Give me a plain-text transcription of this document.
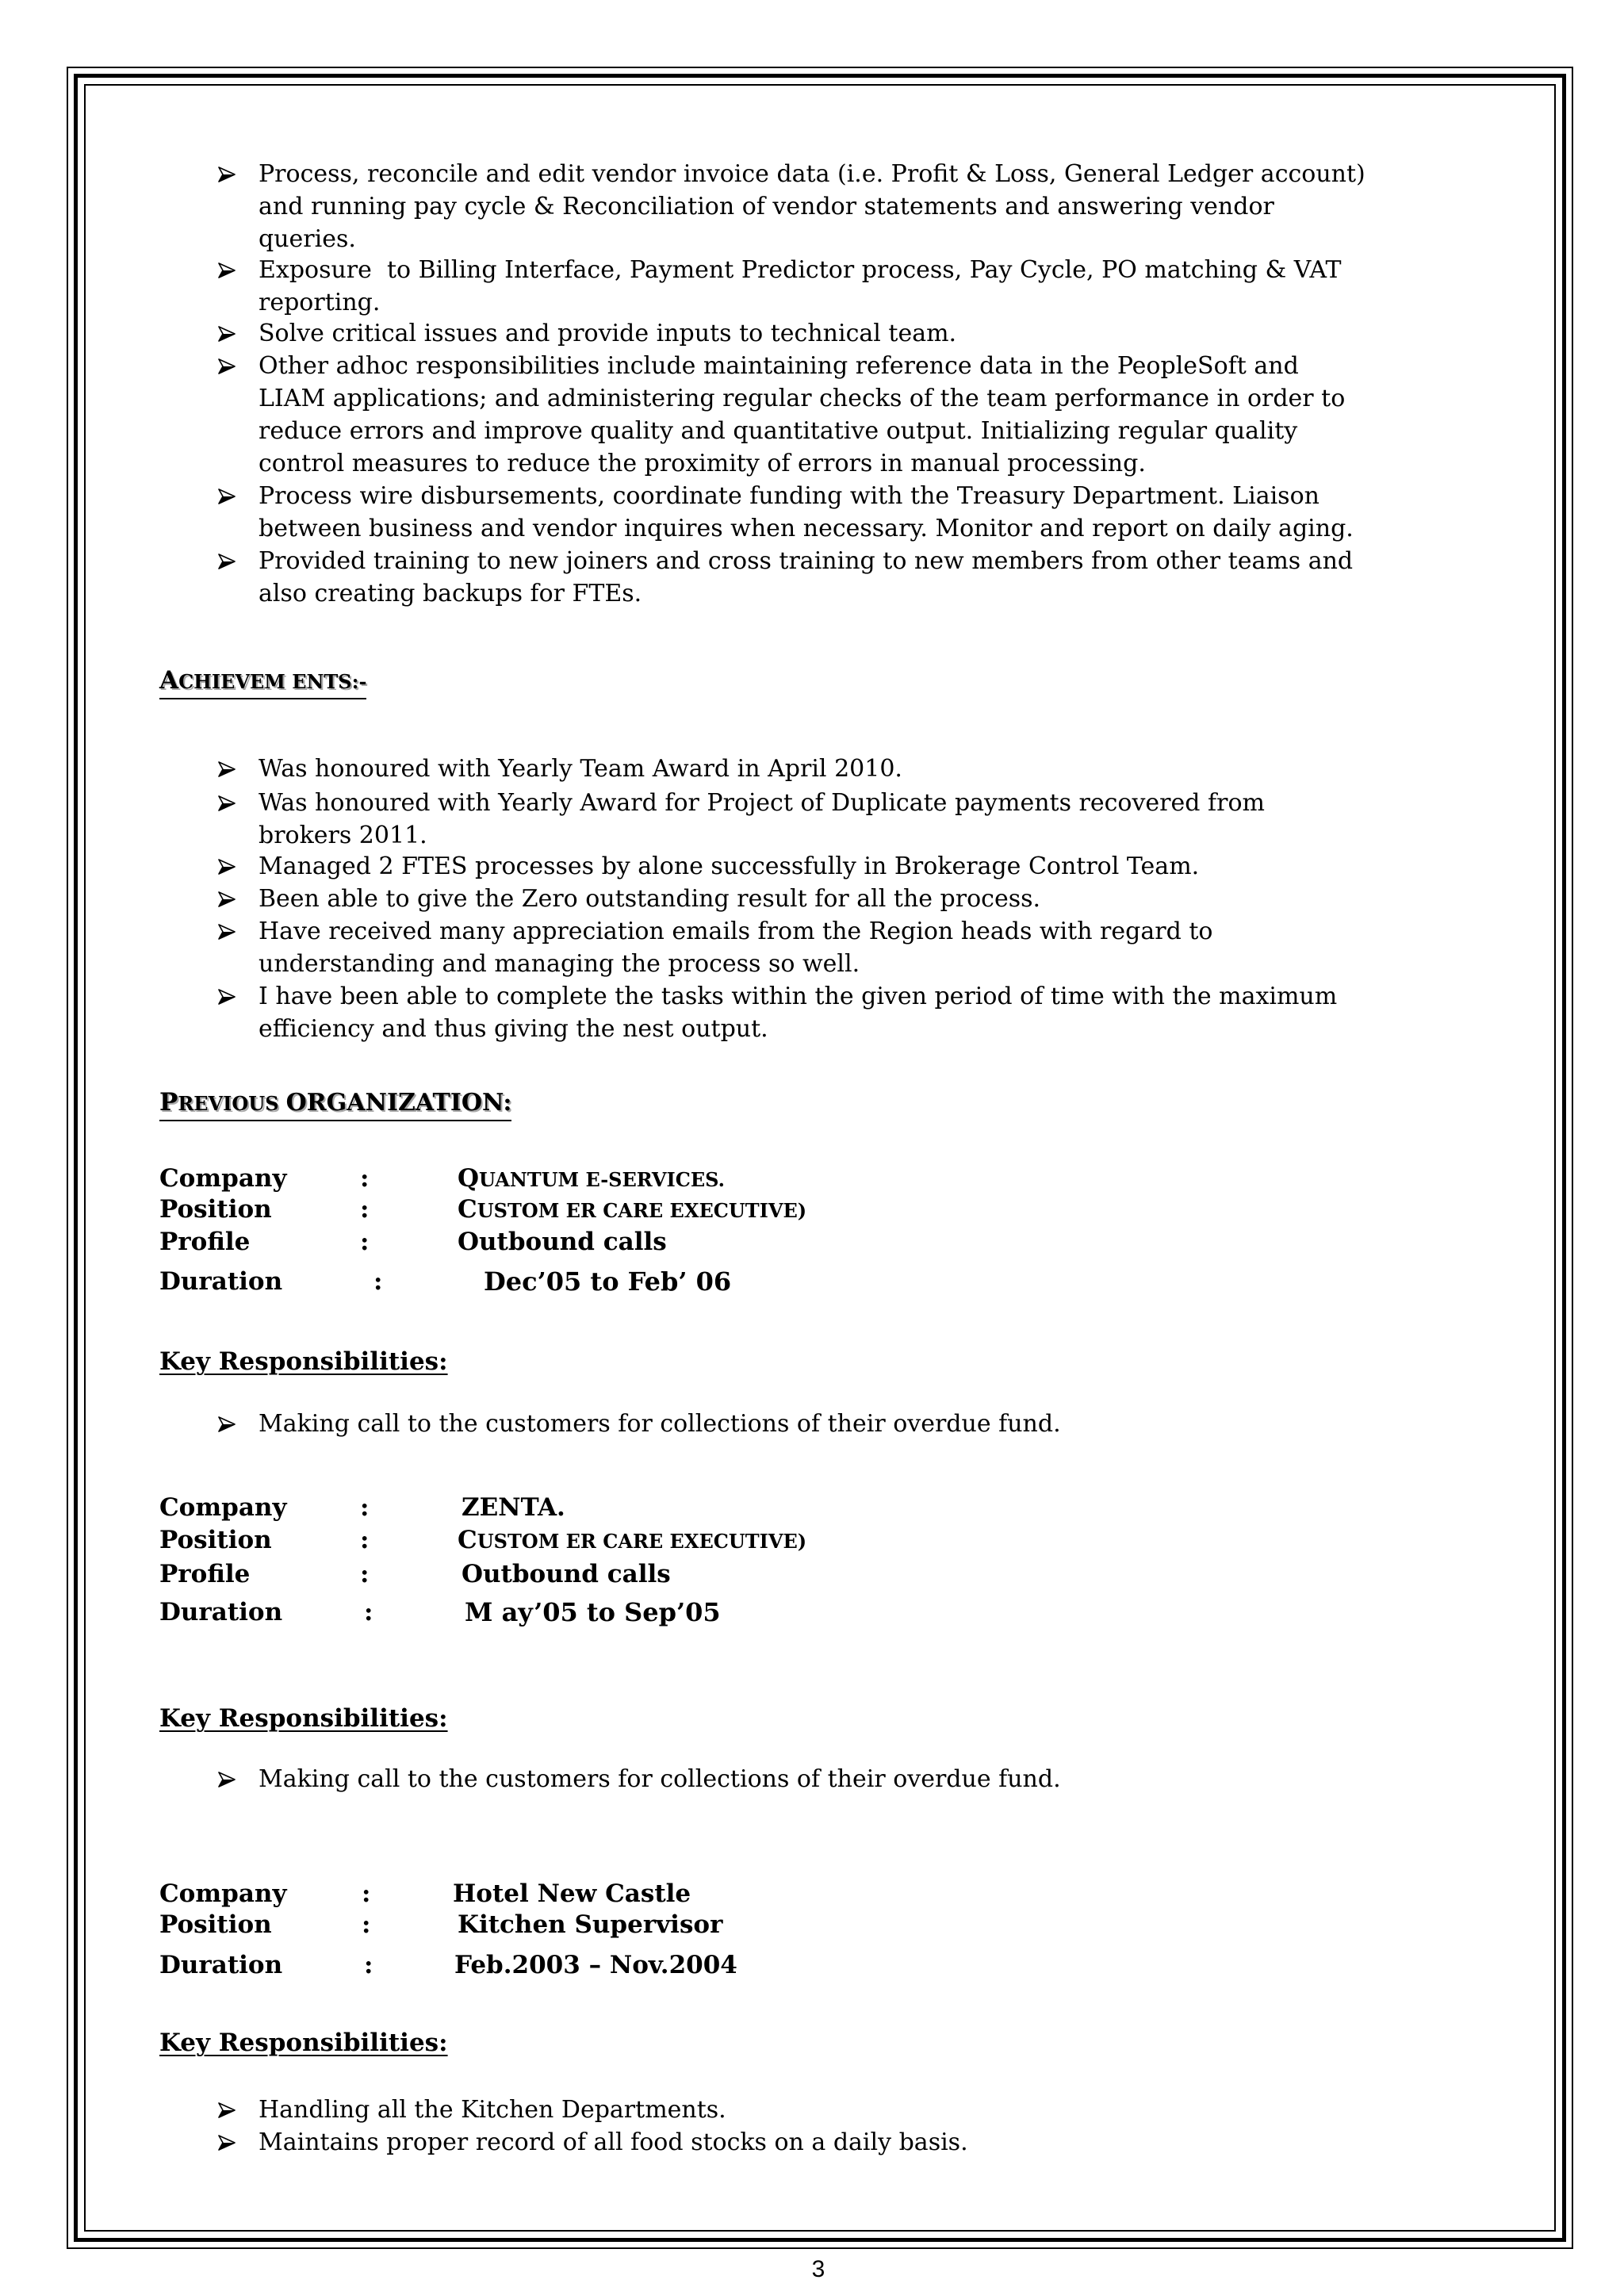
Process, reconcile and edit vendor invoice data (i.e. Profit & Loss, General Ledger account)
and running pay cycle & Reconciliation of vendor statements and answering vendor
queries.
Exposure  to Billing Interface, Payment Predictor process, Pay Cycle, PO matching & VAT
reporting.
Solve critical issues and provide inputs to technical team.
Other adhoc responsibilities include maintaining reference data in the PeopleSoft and
LIAM applications; and administering regular checks of the team performance in order to
reduce errors and improve quality and quantitative output. Initializing regular quality
control measures to reduce the proximity of errors in manual processing.
Process wire disbursements, coordinate funding with the Treasury Department. Liaison
between business and vendor inquires when necessary. Monitor and report on daily aging.
Provided training to new joiners and cross training to new members from other teams and
also creating backups for FTEs.
ACHIEVEM ENTS:-
Was honoured with Yearly Team Award in April 2010.
Was honoured with Yearly Award for Project of Duplicate payments recovered from
brokers 2011.
Managed 2 FTES processes by alone successfully in Brokerage Control Team.
Been able to give the Zero outstanding result for all the process.
Have received many appreciation emails from the Region heads with regard to
understanding and managing the process so well.
I have been able to complete the tasks within the given period of time with the maximum
efficiency and thus giving the nest output.
PREVIOUS ORGANIZATION:
Company	:	QUANTUM E-SERVICES.
Position	:	CUSTOM ER CARE EXECUTIVE)
Profile	:	Outbound calls
Duration	:	Dec’05 to Feb’ 06
Key Responsibilities:
Making call to the customers for collections of their overdue fund.
Company	:	ZENTA.
Position	:	CUSTOM ER CARE EXECUTIVE)
Profile	:	Outbound calls
Duration	:	M ay’05 to Sep’05
Key Responsibilities:
Making call to the customers for collections of their overdue fund.
Company	:	Hotel New Castle
Position	:	Kitchen Supervisor
Duration	:	Feb.2003 – Nov.2004
Key Responsibilities:
Handling all the Kitchen Departments.
Maintains proper record of all food stocks on a daily basis.
3
